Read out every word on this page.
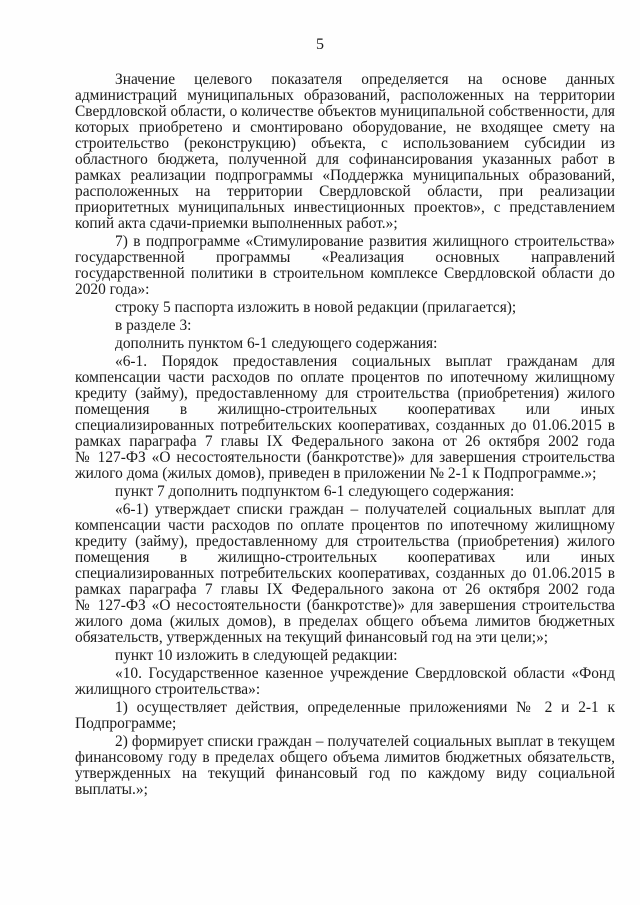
5
Значение целевого показателя определяется на основе данных
администраций муниципальных образований, расположенных на территории
Свердловской области, о количестве объектов муниципальной собственности, для
которых приобретено и смонтировано оборудование, не входящее смету на
строительство (реконструкцию) объекта, с использованием субсидии из
областного бюджета, полученной для софинансирования указанных работ в
рамках реализации подпрограммы «Поддержка муниципальных образований,
расположенных на территории Свердловской области, при реализации
приоритетных муниципальных инвестиционных проектов», с представлением
копий акта сдачи-приемки выполненных работ.»;
7) в подпрограмме «Стимулирование развития жилищного строительства»
государственной программы «Реализация основных направлений
государственной политики в строительном комплексе Свердловской области до
2020 года»:
строку 5 паспорта изложить в новой редакции (прилагается);
в разделе 3:
дополнить пунктом 6-1 следующего содержания:
«6-1. Порядок предоставления социальных выплат гражданам для
компенсации части расходов по оплате процентов по ипотечному жилищному
кредиту (займу), предоставленному для строительства (приобретения) жилого
помещения в жилищно-строительных кооперативах или иных
специализированных потребительских кооперативах, созданных до 01.06.2015 в
рамках параграфа 7 главы IX Федерального закона от 26 октября 2002 года
№ 127-ФЗ «О несостоятельности (банкротстве)» для завершения строительства
жилого дома (жилых домов), приведен в приложении № 2-1 к Подпрограмме.»;
пункт 7 дополнить подпунктом 6-1 следующего содержания:
«6-1) утверждает списки граждан – получателей социальных выплат для
компенсации части расходов по оплате процентов по ипотечному жилищному
кредиту (займу), предоставленному для строительства (приобретения) жилого
помещения в жилищно-строительных кооперативах или иных
специализированных потребительских кооперативах, созданных до 01.06.2015 в
рамках параграфа 7 главы IX Федерального закона от 26 октября 2002 года
№ 127-ФЗ «О несостоятельности (банкротстве)» для завершения строительства
жилого дома (жилых домов), в пределах общего объема лимитов бюджетных
обязательств, утвержденных на текущий финансовый год на эти цели;»;
пункт 10 изложить в следующей редакции:
«10. Государственное казенное учреждение Свердловской области «Фонд
жилищного строительства»:
1) осуществляет действия, определенные приложениями № 2 и 2-1 к
Подпрограмме;
2) формирует списки граждан – получателей социальных выплат в текущем
финансовому году в пределах общего объема лимитов бюджетных обязательств,
утвержденных на текущий финансовый год по каждому виду социальной
выплаты.»;
